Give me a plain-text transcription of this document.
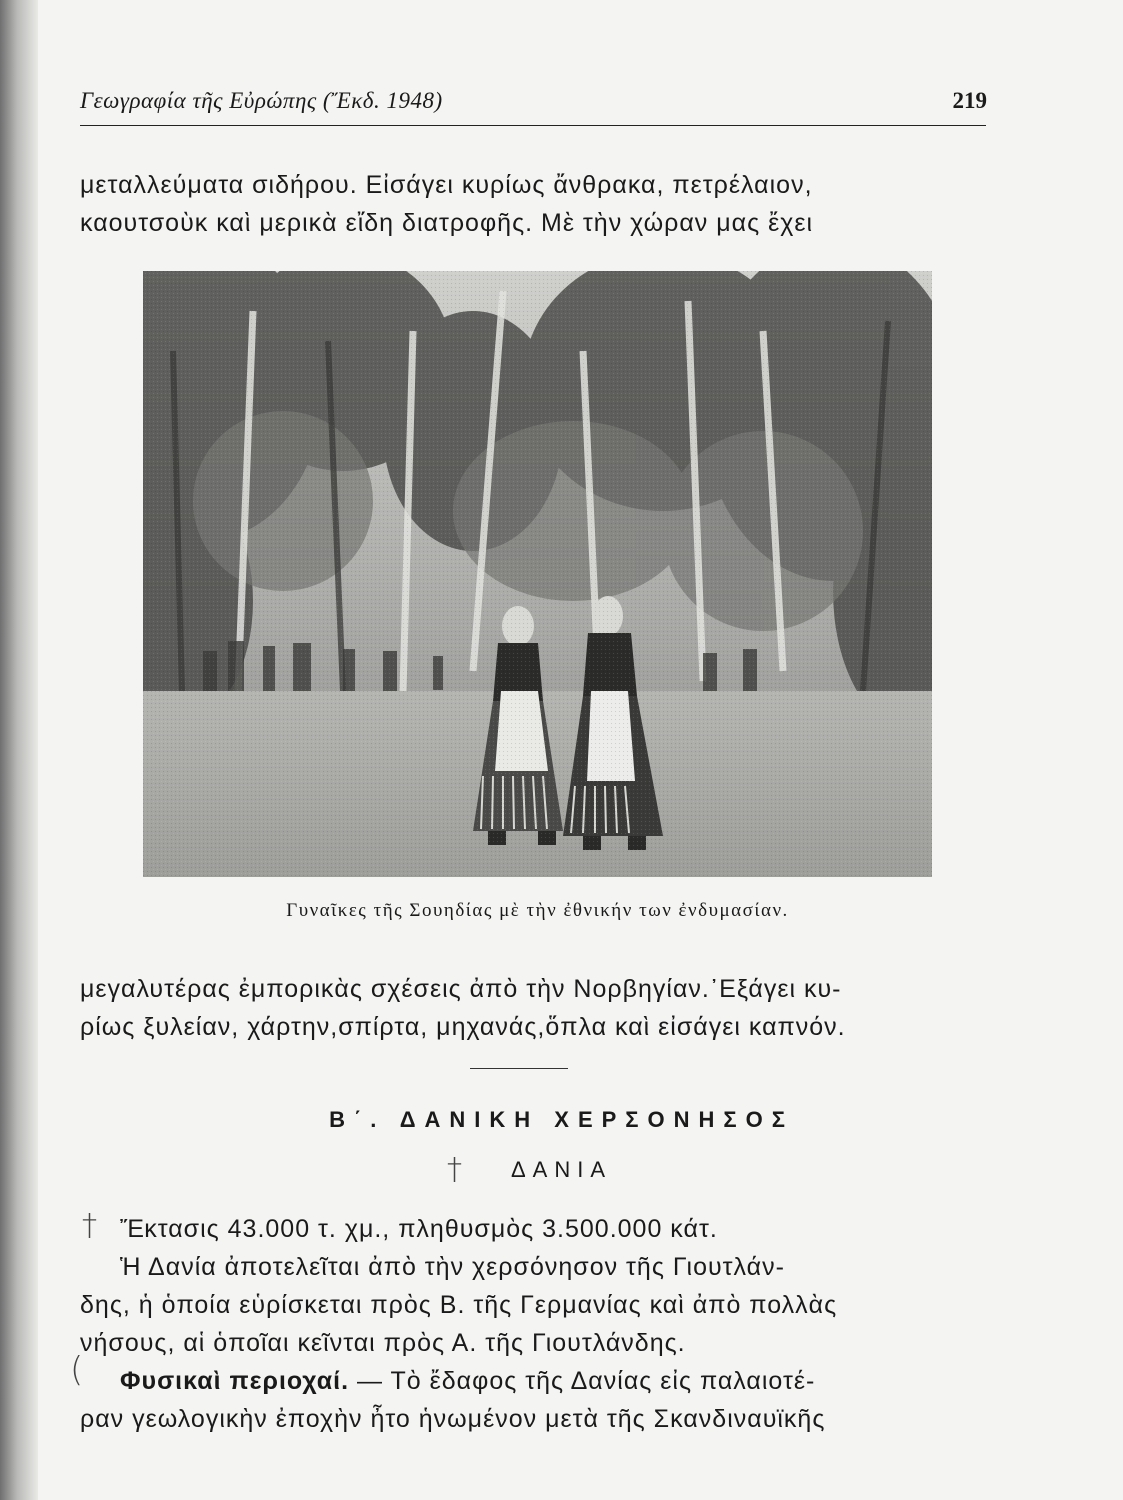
Γεωγραφία τῆς Εὐρώπης (Ἔκδ. 1948)	219
μεταλλεύματα σιδήρου. Εἰσάγει κυρίως ἄνθρακα, πετρέλαιον,
καουτσοὺκ καὶ μερικὰ εἴδη διατροφῆς. Μὲ τὴν χώραν μας ἔχει
Γυναῖκες τῆς Σουηδίας μὲ τὴν ἐθνικήν των ἐνδυμασίαν.
μεγαλυτέρας ἐμπορικὰς σχέσεις ἀπὸ τὴν Νορβηγίαν.᾿Εξάγει κυ-
ρίως ξυλείαν, χάρτην,σπίρτα, μηχανάς,ὅπλα καὶ εἰσάγει καπνόν.
Β΄. ΔΑΝΙΚΗ ΧΕΡΣΟΝΗΣΟΣ
ΔΑΝΙΑ
†
†
(
Ἔκτασις 43.000 τ. χμ., πληθυσμὸς 3.500.000 κάτ.
Ἡ Δανία ἀποτελεῖται ἀπὸ τὴν χερσόνησον τῆς Γιουτλάν-
δης, ἡ ὁποία εὑρίσκεται πρὸς Β. τῆς Γερμανίας καὶ ἀπὸ πολλὰς
νήσους, αἱ ὁποῖαι κεῖνται πρὸς Α. τῆς Γιουτλάνδης.
Φυσικαὶ περιοχαί. — Τὸ ἔδαφος τῆς Δανίας εἰς παλαιοτέ-
ραν γεωλογικὴν ἐποχὴν ἦτο ἡνωμένον μετὰ τῆς Σκανδιναυϊκῆς
